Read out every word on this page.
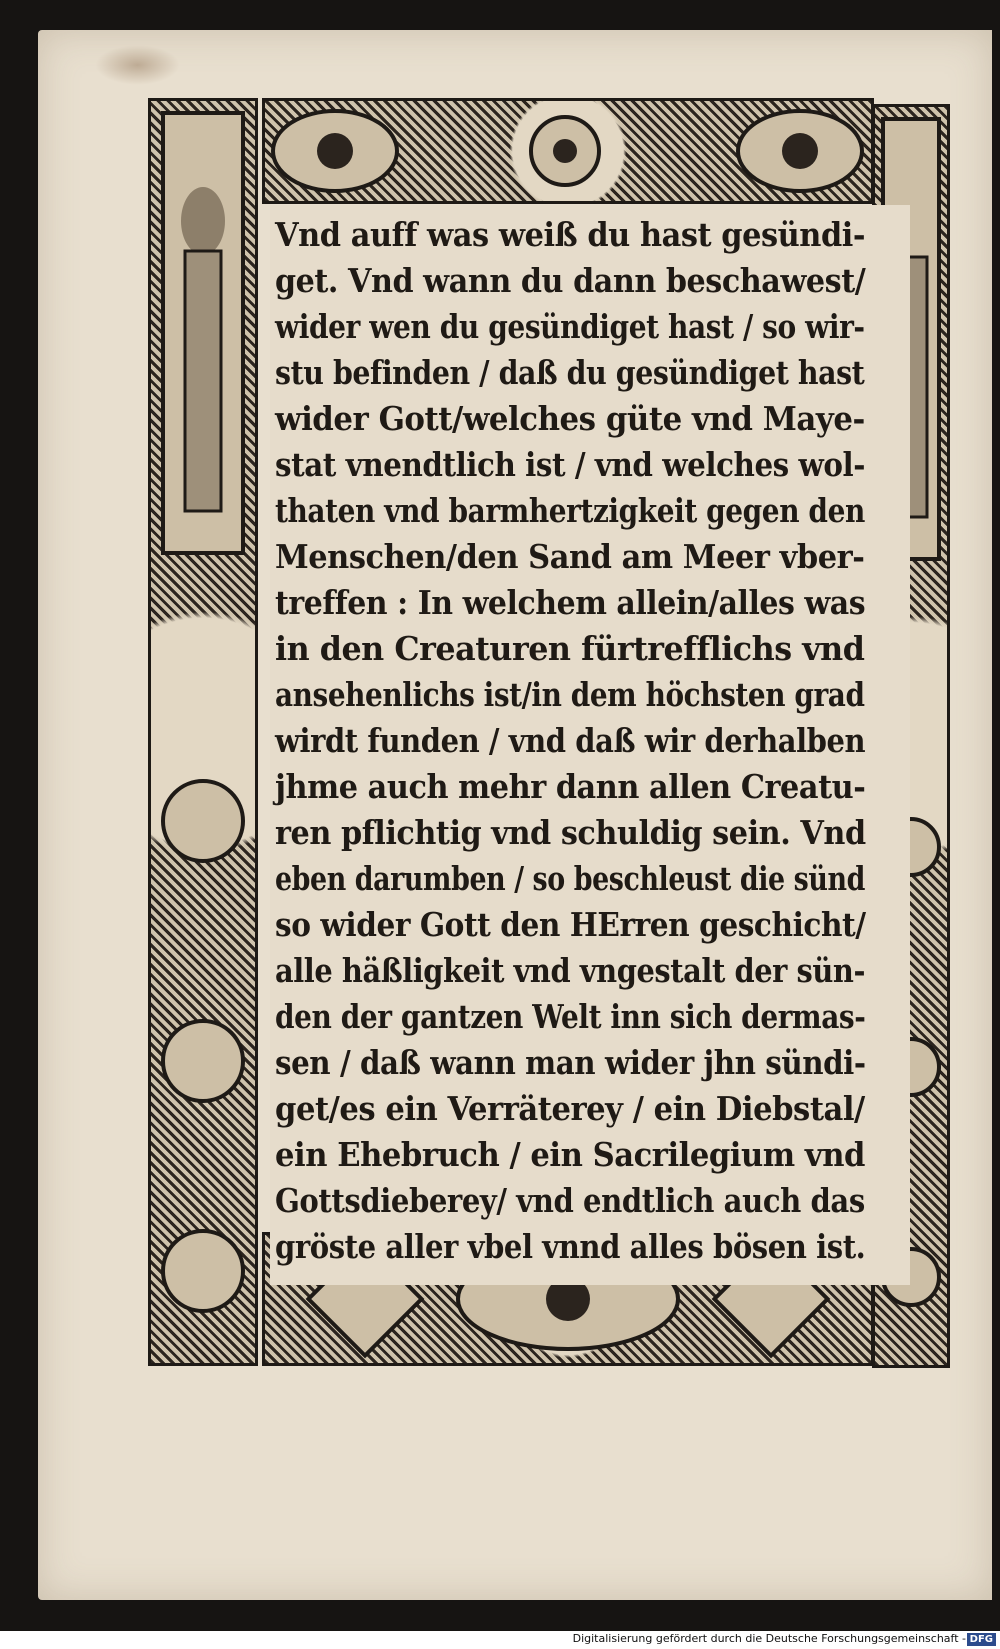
Vnd auff was weiß du hast gesündi-
get. Vnd wann du dann beschawest/
wider wen du gesündiget hast / so wir-
stu befinden / daß du gesündiget hast
wider Gott/welches güte vnd Maye-
stat vnendtlich ist / vnd welches wol-
thaten vnd barmhertzigkeit gegen den
Menschen/den Sand am Meer vber-
treffen : In welchem allein/alles was
in den Creaturen fürtrefflichs vnd
ansehenlichs ist/in dem höchsten grad
wirdt funden / vnd daß wir derhalben
jhme auch mehr dann allen Creatu-
ren pflichtig vnd schuldig sein. Vnd
eben darumben / so beschleust die sünd
so wider Gott den HErren geschicht/
alle häßligkeit vnd vngestalt der sün-
den der gantzen Welt inn sich dermas-
sen / daß wann man wider jhn sündi-
get/es ein Verräterey / ein Diebstal/
ein Ehebruch / ein Sacrilegium vnd
Gottsdieberey/ vnd endtlich auch das
gröste aller vbel vnnd alles bösen ist.
Digitalisierung gefördert durch die Deutsche Forschungsgemeinschaft - DFG
